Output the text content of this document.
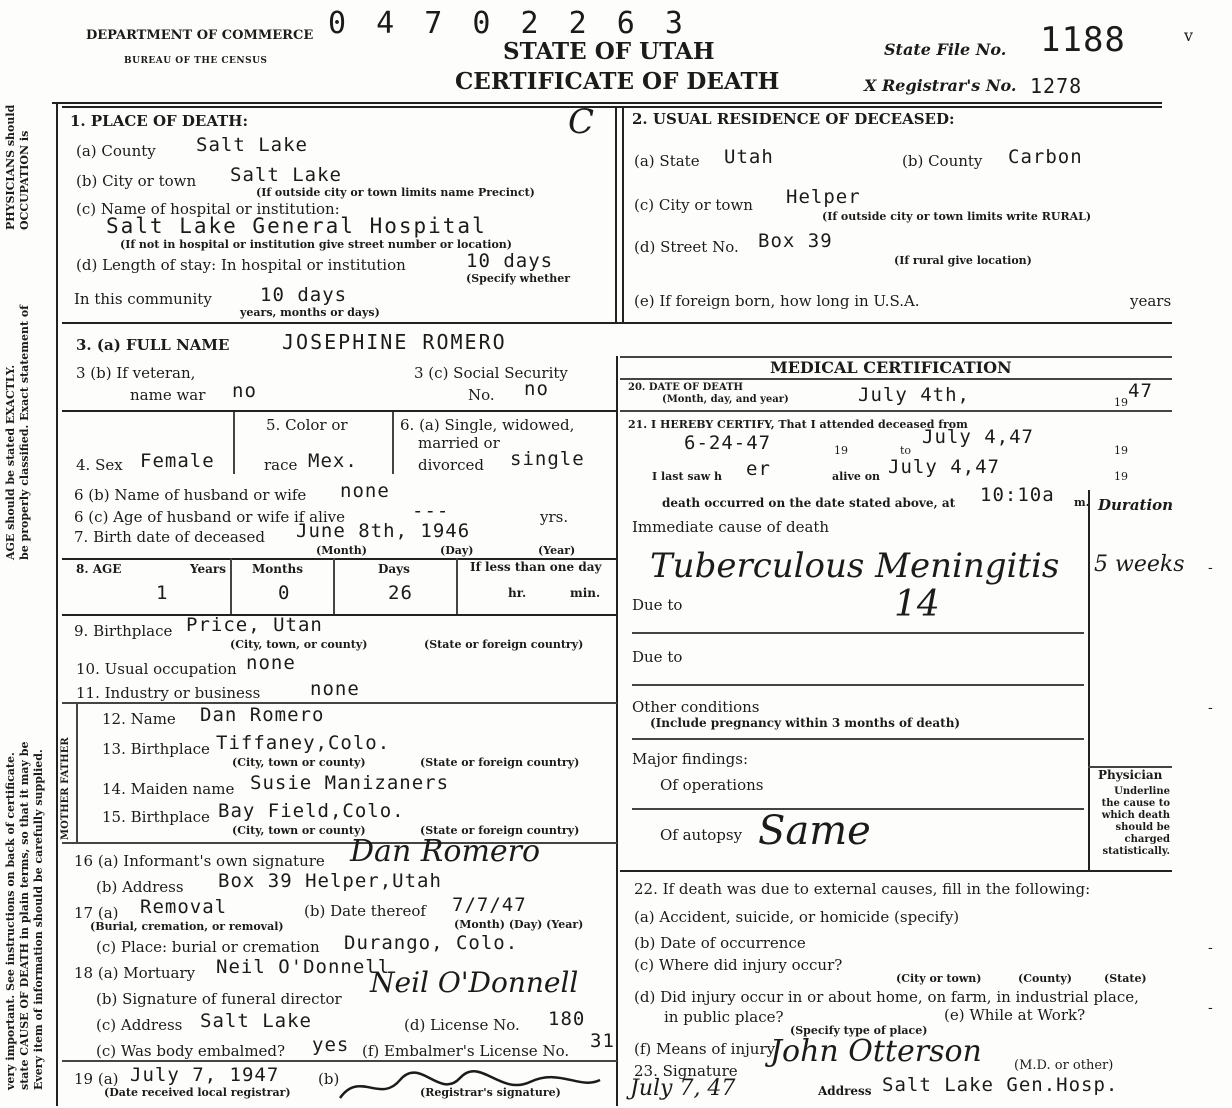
DEPARTMENT OF COMMERCE
BUREAU OF THE CENSUS
0 4 7 0 2 2 6 3
STATE OF UTAH
CERTIFICATE OF DEATH
State File No. 1188
X Registrar's No. 1278
v
very important. See instructions on back of certificate. state CAUSE OF DEATH in plain terms, so that it may be Every item of information should be carefully supplied.
AGE should be stated EXACTLY. be properly classified. Exact statement of
PHYSICIANS should OCCUPATION is
1. PLACE OF DEATH:	C
(a) County Salt Lake
(b) City or town Salt Lake
(If outside city or town limits name Precinct)
(c) Name of hospital or institution:
Salt Lake General Hospital
(If not in hospital or institution give street number or location)
(d) Length of stay: In hospital or institution	10 days
(Specify whether
In this community	10 days
years, months or days)
2. USUAL RESIDENCE OF DECEASED:
(a) State Utah	(b) County Carbon
(c) City or town Helper
(If outside city or town limits write RURAL)
(d) Street No. Box 39
(If rural give location)
(e) If foreign born, how long in U.S.A.	years
3. (a) FULL NAME	JOSEPHINE ROMERO
3 (b) If veteran,
name war no
3 (c) Social Security
No. no
4. Sex Female
5. Color or
race Mex.
6. (a) Single, widowed,
married or
divorced single
6 (b) Name of husband or wife none
6 (c) Age of husband or wife if alive	---	yrs.
7. Birth date of deceased June 8th, 1946
(Month)	(Day)	(Year)
8. AGE	Years
1
Months
0
Days
26
If less than one day
hr.	min.
9. Birthplace Price, Utan
(City, town, or county)	(State or foreign country)
10. Usual occupation none
11. Industry or business	none
MOTHER FATHER
12. Name Dan Romero
13. Birthplace Tiffaney,Colo.
(City, town or county)	(State or foreign country)
14. Maiden name Susie Manizaners
15. Birthplace Bay Field,Colo.
(City, town or county)	(State or foreign country)
16 (a) Informant's own signature Dan Romero
(b) Address Box 39 Helper,Utah
17 (a) Removal	(b) Date thereof 7/7/47
(Burial, cremation, or removal)	(Month) (Day) (Year)
(c) Place: burial or cremation Durango, Colo.
18 (a) Mortuary Neil O'Donnell
(b) Signature of funeral director Neil O'Donnell
(c) Address Salt Lake	(d) License No. 180
(c) Was body embalmed? yes (f) Embalmer's License No. 31
19 (a) July 7, 1947
(Date received local registrar)
(b)
(Registrar's signature)
MEDICAL CERTIFICATION
20. DATE OF DEATH
(Month, day, and year)	July 4th,	19
47
21. I HEREBY CERTIFY, That I attended deceased from
6-24-47	19	to
July 4,47
19
I last saw h er	alive on July 4,47	19
death occurred on the date stated above, at 10:10a m. Duration
Immediate cause of death
Tuberculous Meningitis 5 weeks
Due to	14
Due to
Other conditions
(Include pregnancy within 3 months of death)
Major findings:
Of operations
Of autopsy Same
Physician
Underline the cause to which death should be charged statistically.
22. If death was due to external causes, fill in the following:
(a) Accident, suicide, or homicide (specify)
(b) Date of occurrence
(c) Where did injury occur?
(City or town)	(County)	(State)
(d) Did injury occur in or about home, on farm, in industrial place,
in public place?
(Specify type of place)
(e) While at Work?
(f) Means of injury
23. Signature
John Otterson (M.D. or other)
July 7, 47	Address Salt Lake Gen.Hosp.
-
-
-
-
